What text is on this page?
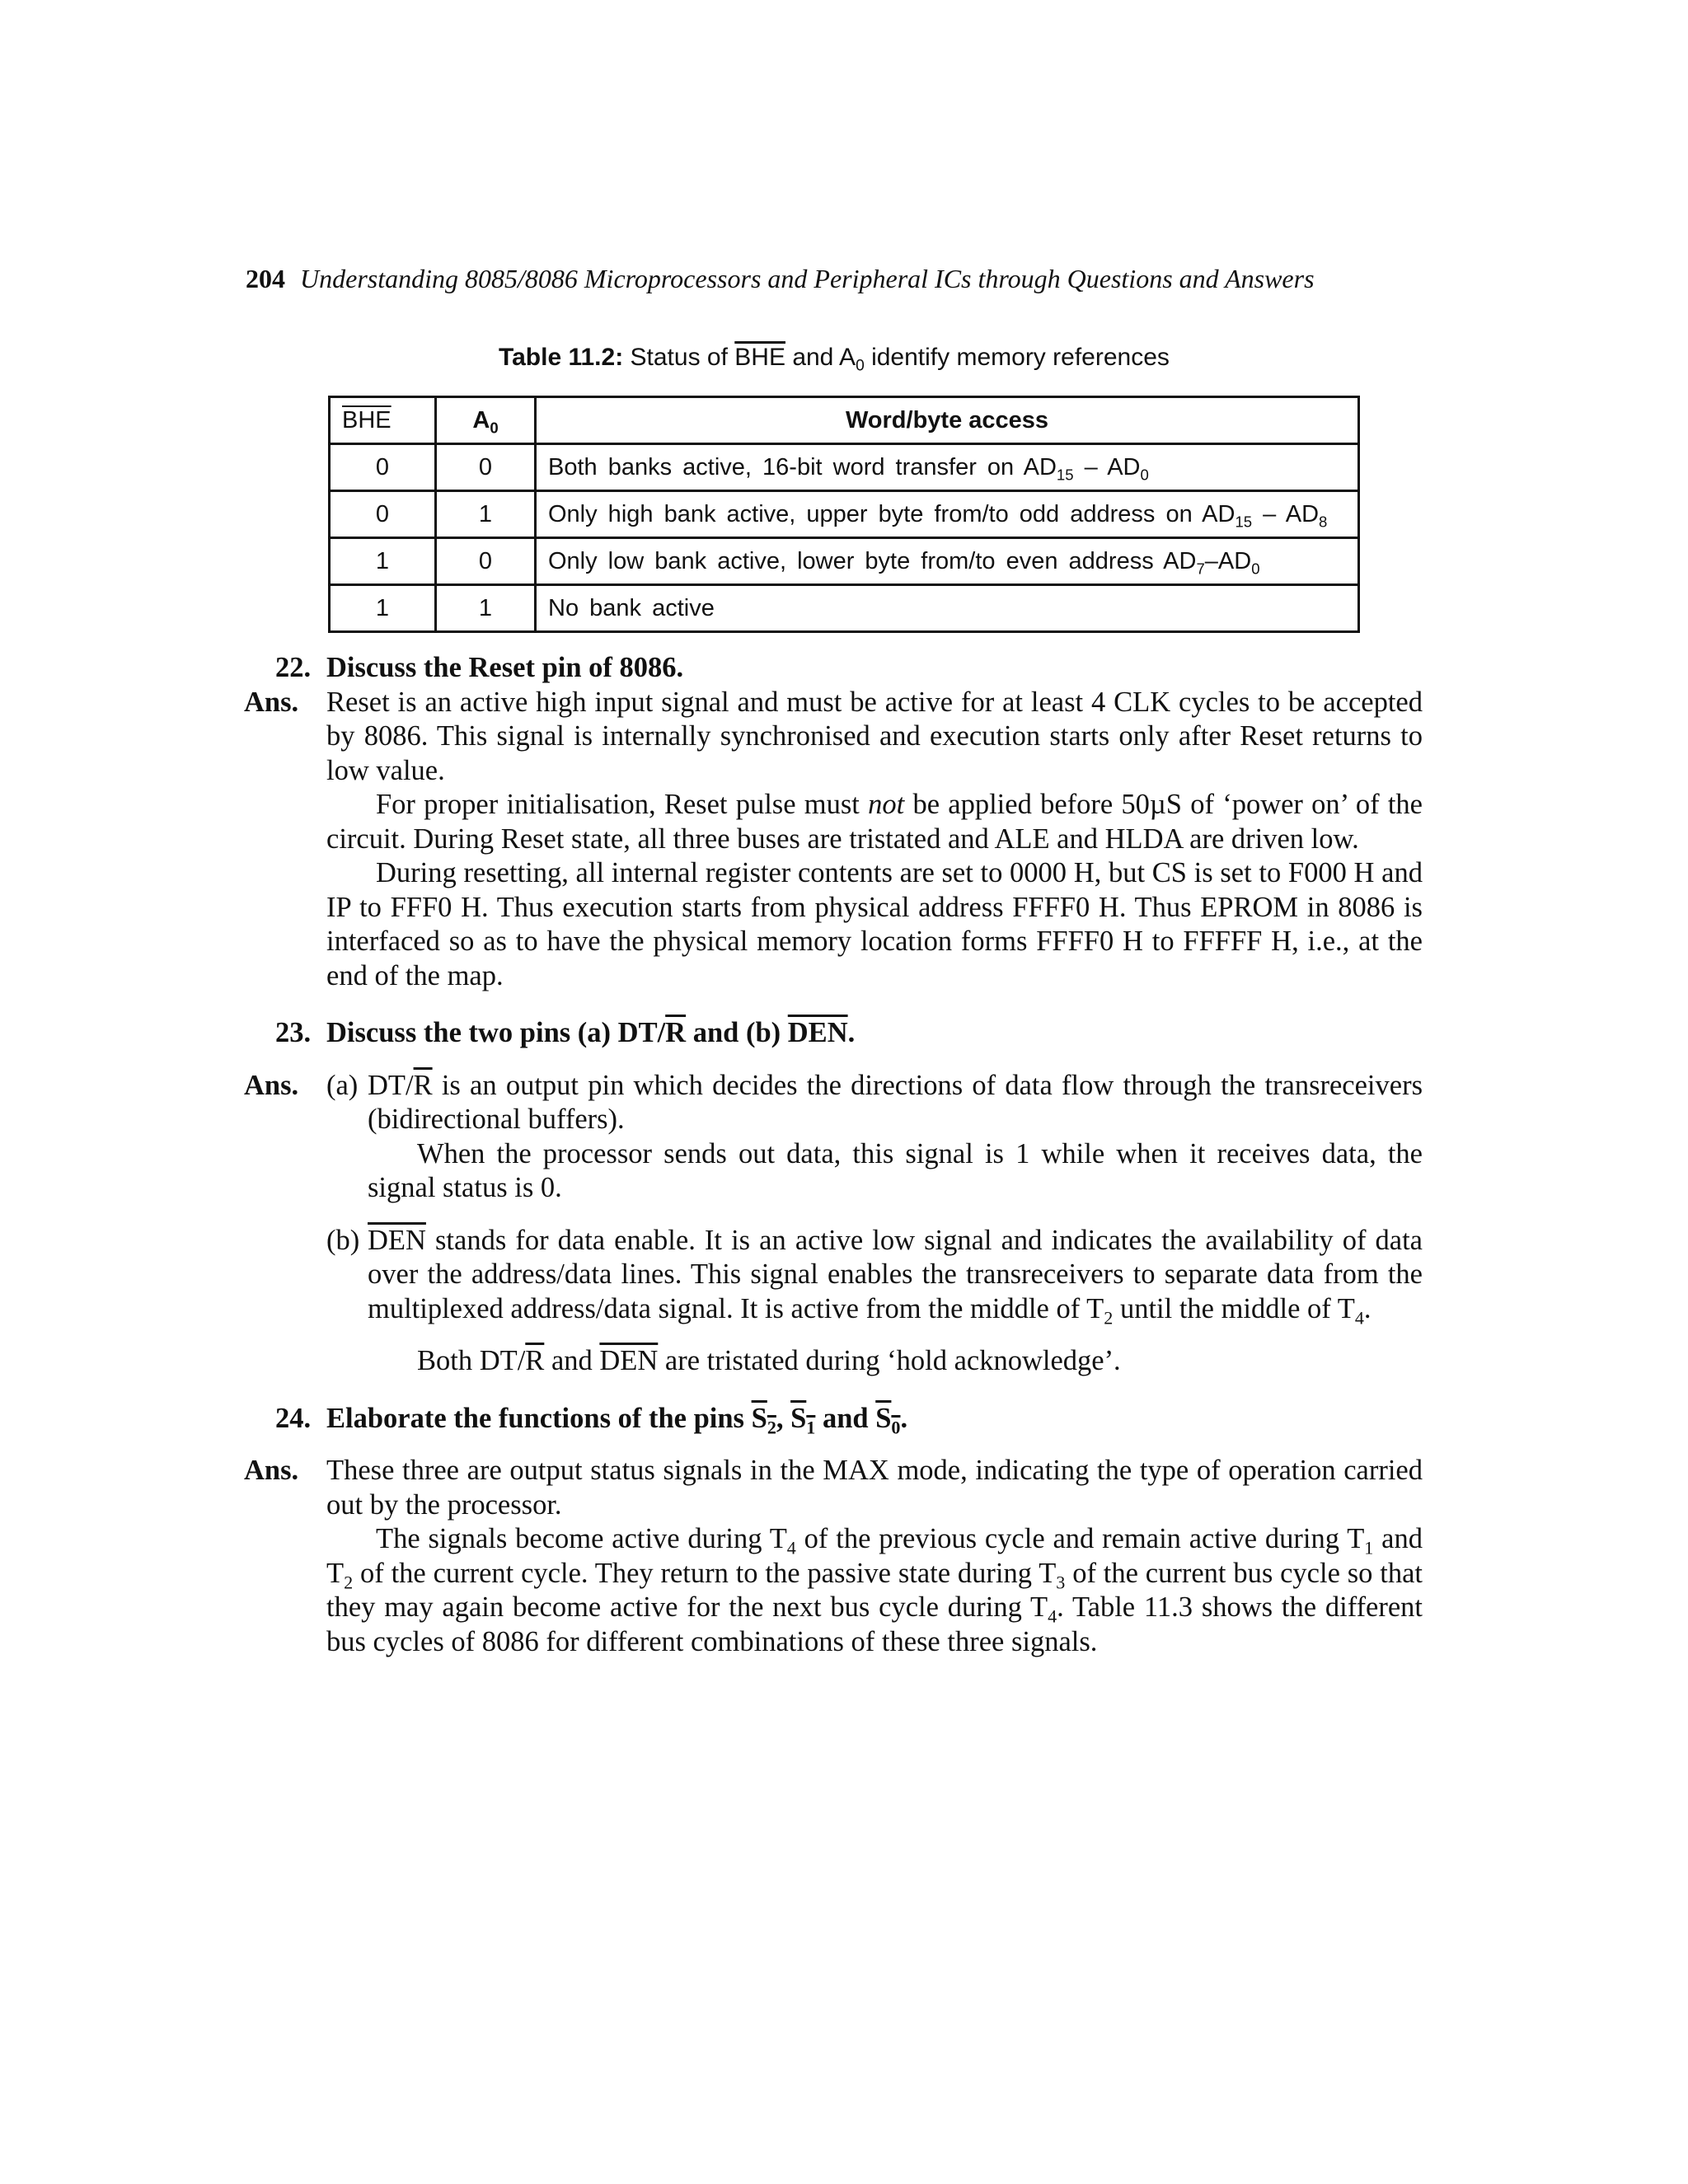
204 Understanding 8085/8086 Microprocessors and Peripheral ICs through Questions and Answers
Table 11.2: Status of $\overline{BHE}$ and $A_0$ identify memory references
$\overline{BHE}$	$A_0$	Word/byte access
0	0	Both banks active, 16-bit word transfer on $AD_{15} - AD_0$
0	1	Only high bank active, upper byte from/to odd address on $AD_{15} - AD_8$
1	0	Only low bank active, lower byte from/to even address $AD_7-AD_0$
1	1	No bank active
22. Discuss the Reset pin of 8086.
Ans. Reset is an active high input signal and must be active for at least 4 CLK cycles to be accepted by 8086. This signal is internally synchronised and execution starts only after Reset returns to low value.

For proper initialisation, Reset pulse must not be applied before 50µS of ‘power on’ of the circuit. During Reset state, all three buses are tristated and ALE and HLDA are driven low.

During resetting, all internal register contents are set to 0000 H, but CS is set to F000 H and IP to FFF0 H. Thus execution starts from physical address FFFF0 H. Thus EPROM in 8086 is interfaced so as to have the physical memory location forms FFFF0 H to FFFFF H, i.e., at the end of the map.

23. Discuss the two pins (a) $DT/\overline{R}$ and (b) $\overline{DEN}$.
Ans. (a) $DT/\overline{R}$ is an output pin which decides the directions of data flow through the transreceivers (bidirectional buffers).

When the processor sends out data, this signal is 1 while when it receives data, the signal status is 0.

(b) $\overline{DEN}$ stands for data enable. It is an active low signal and indicates the availability of data over the address/data lines. This signal enables the transreceivers to separate data from the multiplexed address/data signal. It is active from the middle of $T_2$ until the middle of $T_4$.

Both $DT/\overline{R}$ and $\overline{DEN}$ are tristated during ‘hold acknowledge’.

24. Elaborate the functions of the pins $S_2$, $S_1$ and $S_0$.
Ans. These three are output status signals in the MAX mode, indicating the type of operation carried out by the processor.

The signals become active during $T_4$ of the previous cycle and remain active during $T_1$ and $T_2$ of the current cycle. They return to the passive state during $T_3$ of the current bus cycle so that they may again become active for the next bus cycle during $T_4$. Table 11.3 shows the different bus cycles of 8086 for different combinations of these three signals.
